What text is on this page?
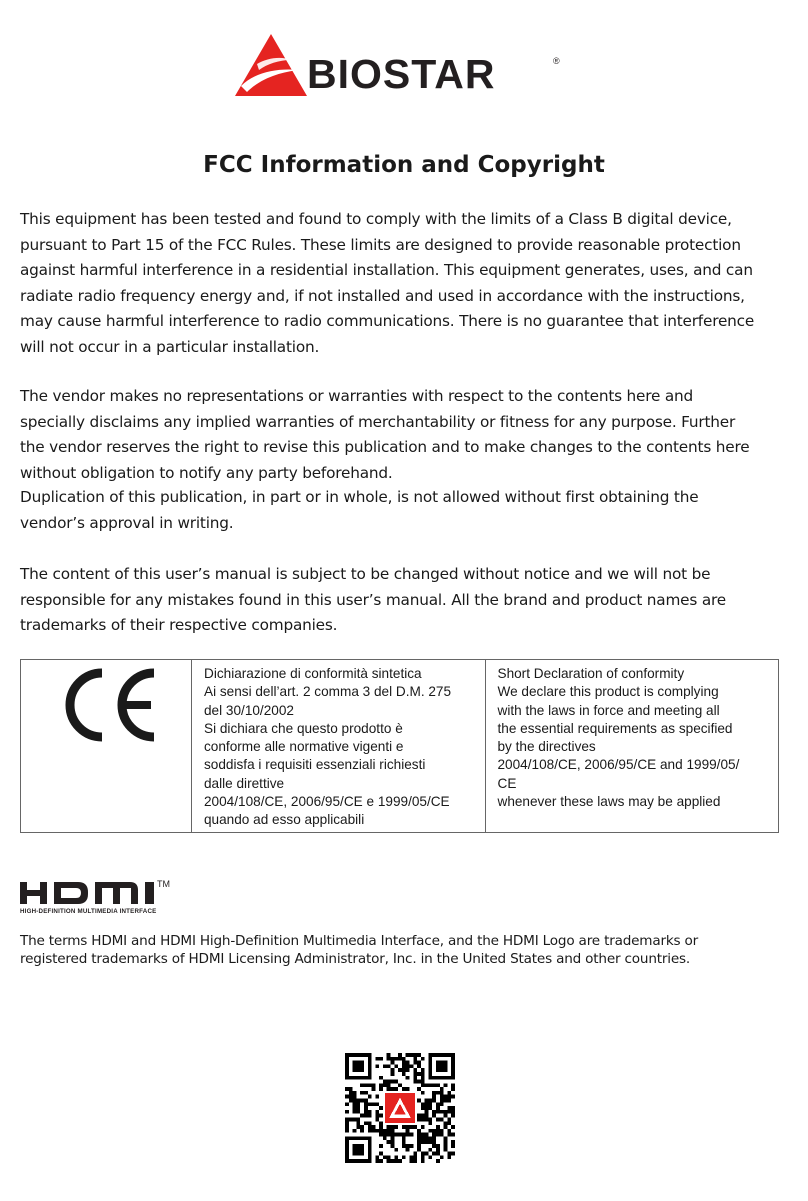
BIOSTAR	®
FCC Information and Copyright

This equipment has been tested and found to comply with the limits of a Class B digital device,
pursuant to Part 15 of the FCC Rules. These limits are designed to provide reasonable protection
against harmful interference in a residential installation. This equipment generates, uses, and can
radiate radio frequency energy and, if not installed and used in accordance with the instructions,
may cause harmful interference to radio communications. There is no guarantee that interference
will not occur in a particular installation.

The vendor makes no representations or warranties with respect to the contents here and
specially disclaims any implied warranties of merchantability or fitness for any purpose. Further
the vendor reserves the right to revise this publication and to make changes to the contents here
without obligation to notify any party beforehand.

Duplication of this publication, in part or in whole, is not allowed without first obtaining the
vendor’s approval in writing.

The content of this user’s manual is subject to be changed without notice and we will not be
responsible for any mistakes found in this user’s manual. All the brand and product names are
trademarks of their respective companies.

Dichiarazione di conformità sintetica
Ai sensi dell’art. 2 comma 3 del D.M. 275
del 30/10/2002
Si dichiara che questo prodotto è
conforme alle normative vigenti e
soddisfa i requisiti essenziali richiesti
dalle direttive
2004/108/CE, 2006/95/CE e 1999/05/CE
quando ad esso applicabili

Short Declaration of conformity
We declare this product is complying
with the laws in force and meeting all
the essential requirements as specified
by the directives
2004/108/CE, 2006/95/CE and 1999/05/
CE
whenever these laws may be applied
TM
HIGH-DEFINITION MULTIMEDIA INTERFACE

The terms HDMI and HDMI High-Definition Multimedia Interface, and the HDMI Logo are trademarks or
registered trademarks of HDMI Licensing Administrator, Inc. in the United States and other countries.
